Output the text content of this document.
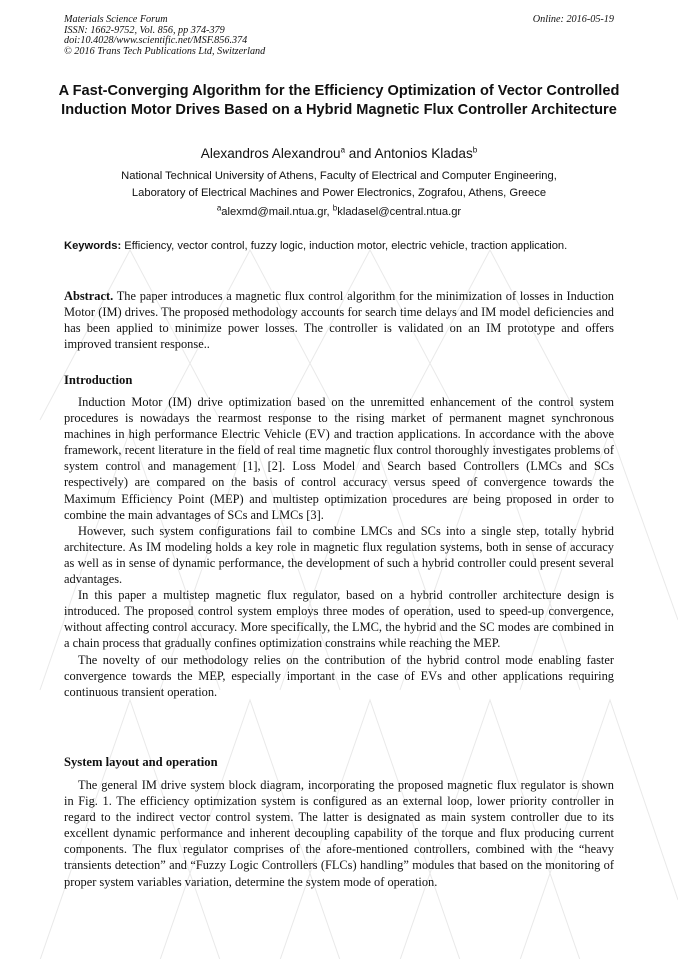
Materials Science Forum
ISSN: 1662-9752, Vol. 856, pp 374-379
doi:10.4028/www.scientific.net/MSF.856.374
© 2016 Trans Tech Publications Ltd, Switzerland
Online: 2016-05-19
A Fast-Converging Algorithm for the Efficiency Optimization of Vector Controlled Induction Motor Drives Based on a Hybrid Magnetic Flux Controller Architecture
Alexandros Alexandrou$^a$ and Antonios Kladas$^b$
National Technical University of Athens, Faculty of Electrical and Computer Engineering,
Laboratory of Electrical Machines and Power Electronics, Zografou, Athens, Greece
$^a$alexmd@mail.ntua.gr, $^b$kladasel@central.ntua.gr
Keywords: Efficiency, vector control, fuzzy logic, induction motor, electric vehicle, traction application.
Abstract. The paper introduces a magnetic flux control algorithm for the minimization of losses in Induction Motor (IM) drives. The proposed methodology accounts for search time delays and IM model deficiencies and has been applied to minimize power losses. The controller is validated on an IM prototype and offers improved transient response..
Introduction

Induction Motor (IM) drive optimization based on the unremitted enhancement of the control system procedures is nowadays the rearmost response to the rising market of permanent magnet synchronous machines in high performance Electric Vehicle (EV) and traction applications. In accordance with the above framework, recent literature in the field of real time magnetic flux control thoroughly investigates problems of system control and management [1], [2]. Loss Model and Search based Controllers (LMCs and SCs respectively) are compared on the basis of control accuracy versus speed of convergence towards the Maximum Efficiency Point (MEP) and multistep optimization procedures are being proposed in order to combine the main advantages of SCs and LMCs [3].

However, such system configurations fail to combine LMCs and SCs into a single step, totally hybrid architecture. As IM modeling holds a key role in magnetic flux regulation systems, both in sense of accuracy as well as in sense of dynamic performance, the development of such a hybrid controller could present several advantages.

In this paper a multistep magnetic flux regulator, based on a hybrid controller architecture design is introduced. The proposed control system employs three modes of operation, used to speed-up convergence, without affecting control accuracy. More specifically, the LMC, the hybrid and the SC modes are combined in a chain process that gradually confines optimization constrains while reaching the MEP.

The novelty of our methodology relies on the contribution of the hybrid control mode enabling faster convergence towards the MEP, especially important in the case of EVs and other applications requiring continuous transient operation.

System layout and operation

The general IM drive system block diagram, incorporating the proposed magnetic flux regulator is shown in Fig. 1. The efficiency optimization system is configured as an external loop, lower priority controller in regard to the indirect vector control system. The latter is designated as main system controller due to its excellent dynamic performance and inherent decoupling capability of the torque and flux producing current components. The flux regulator comprises of the afore-mentioned controllers, combined with the “heavy transients detection” and “Fuzzy Logic Controllers (FLCs) handling” modules that based on the monitoring of proper system variables variation, determine the system mode of operation.
